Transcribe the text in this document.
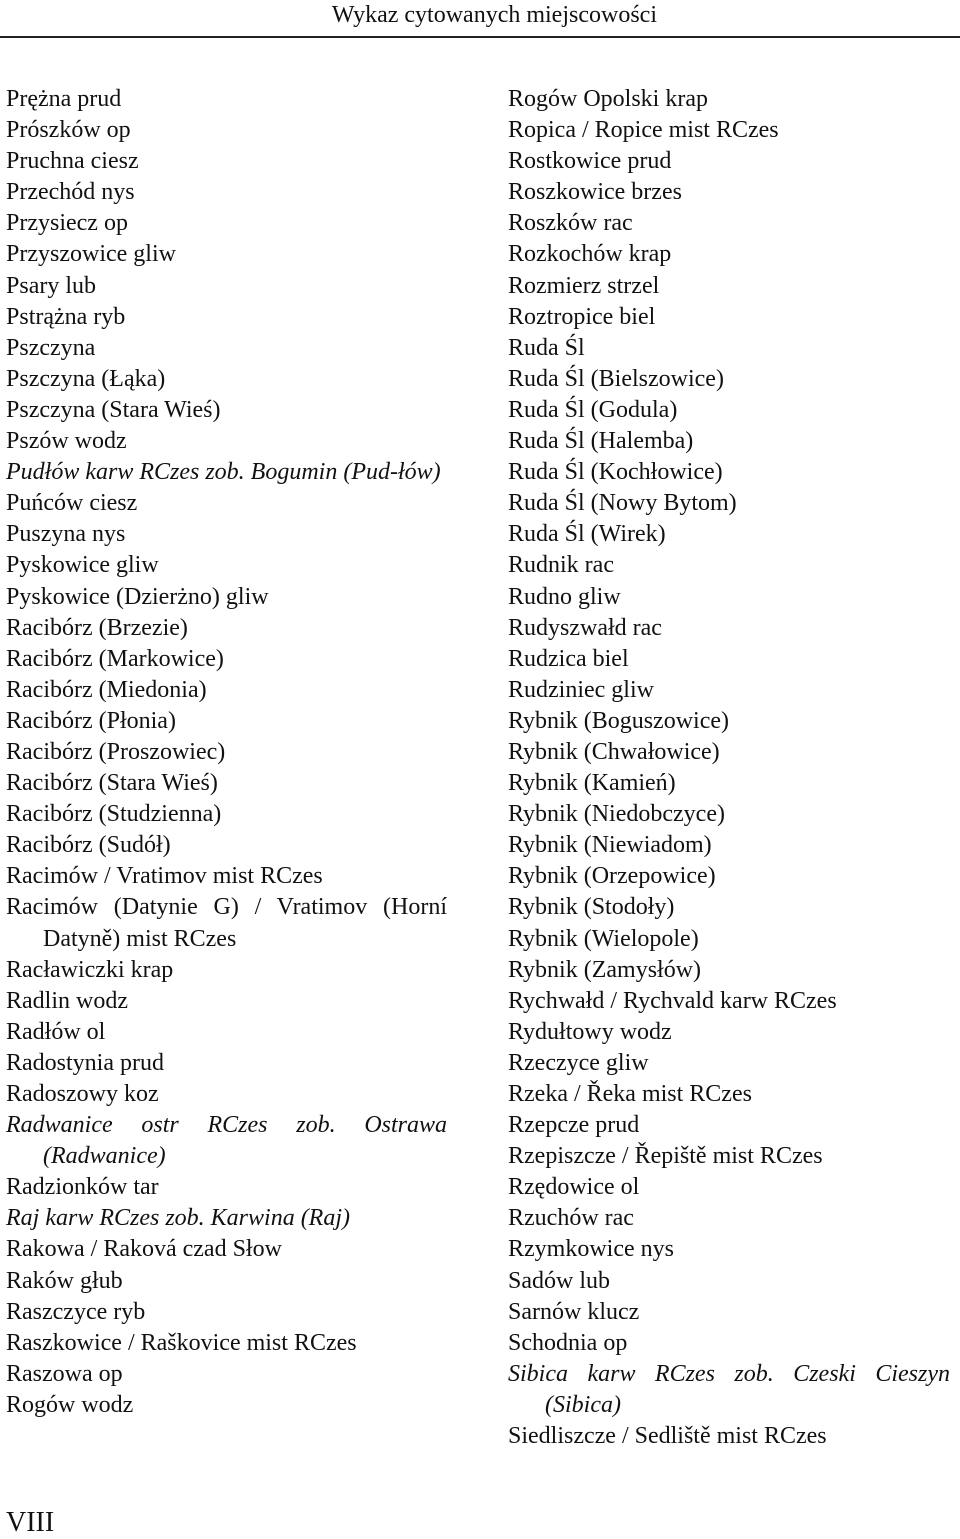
Wykaz cytowanych miejscowości
Prężna prud
Prószków op
Pruchna ciesz
Przechód nys
Przysiecz op
Przyszowice gliw
Psary lub
Pstrążna ryb
Pszczyna
Pszczyna (Łąka)
Pszczyna (Stara Wieś)
Pszów wodz
Pudłów karw RCzes zob. Bogumin (Pud-łów)
Puńców ciesz
Puszyna nys
Pyskowice gliw
Pyskowice (Dzierżno) gliw
Racibórz (Brzezie)
Racibórz (Markowice)
Racibórz (Miedonia)
Racibórz (Płonia)
Racibórz (Proszowiec)
Racibórz (Stara Wieś)
Racibórz (Studzienna)
Racibórz (Sudół)
Racimów / Vratimov mist RCzes
Racimów (Datynie G) / Vratimov (Horní Datyně) mist RCzes
Racławiczki krap
Radlin wodz
Radłów ol
Radostynia prud
Radoszowy koz
Radwanice ostr RCzes zob. Ostrawa (Radwanice)
Radzionków tar
Raj karw RCzes zob. Karwina (Raj)
Rakowa / Raková czad Słow
Raków głub
Raszczyce ryb
Raszkowice / Raškovice mist RCzes
Raszowa op
Rogów wodz
Rogów Opolski krap
Ropica / Ropice mist RCzes
Rostkowice prud
Roszkowice brzes
Roszków rac
Rozkochów krap
Rozmierz strzel
Roztropice biel
Ruda Śl
Ruda Śl (Bielszowice)
Ruda Śl (Godula)
Ruda Śl (Halemba)
Ruda Śl (Kochłowice)
Ruda Śl (Nowy Bytom)
Ruda Śl (Wirek)
Rudnik rac
Rudno gliw
Rudyszwałd rac
Rudzica biel
Rudziniec gliw
Rybnik (Boguszowice)
Rybnik (Chwałowice)
Rybnik (Kamień)
Rybnik (Niedobczyce)
Rybnik (Niewiadom)
Rybnik (Orzepowice)
Rybnik (Stodoły)
Rybnik (Wielopole)
Rybnik (Zamysłów)
Rychwałd / Rychvald karw RCzes
Rydułtowy wodz
Rzeczyce gliw
Rzeka / Řeka mist RCzes
Rzepcze prud
Rzepiszcze / Řepiště mist RCzes
Rzędowice ol
Rzuchów rac
Rzymkowice nys
Sadów lub
Sarnów klucz
Schodnia op
Sibica karw RCzes zob. Czeski Cieszyn (Sibica)
Siedliszcze / Sedliště mist RCzes
VIII
